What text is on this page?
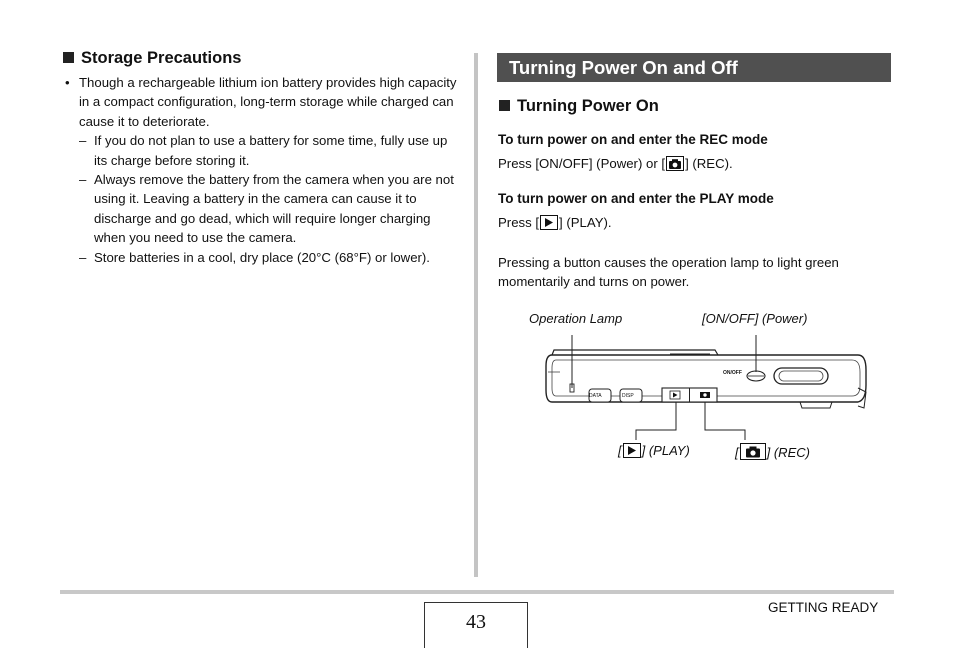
Storage Precautions
• Though a rechargeable lithium ion battery provides high capacity in a compact configuration, long-term storage while charged can cause it to deteriorate.
– If you do not plan to use a battery for some time, fully use up its charge before storing it.
– Always remove the battery from the camera when you are not using it. Leaving a battery in the camera can cause it to discharge and go dead, which will require longer charging when you need to use the camera.
– Store batteries in a cool, dry place (20°C (68°F) or lower).
Turning Power On and Off
Turning Power On
To turn power on and enter the REC mode
Press [ON/OFF] (Power) or [ ] (REC).
To turn power on and enter the PLAY mode
Press [ ] (PLAY).
Pressing a button causes the operation lamp to light green momentarily and turns on power.
Operation Lamp	[ON/OFF] (Power)
DATA	DISP
ON/OFF
[ ] (PLAY)	[ ] (REC)
GETTING READY
43
